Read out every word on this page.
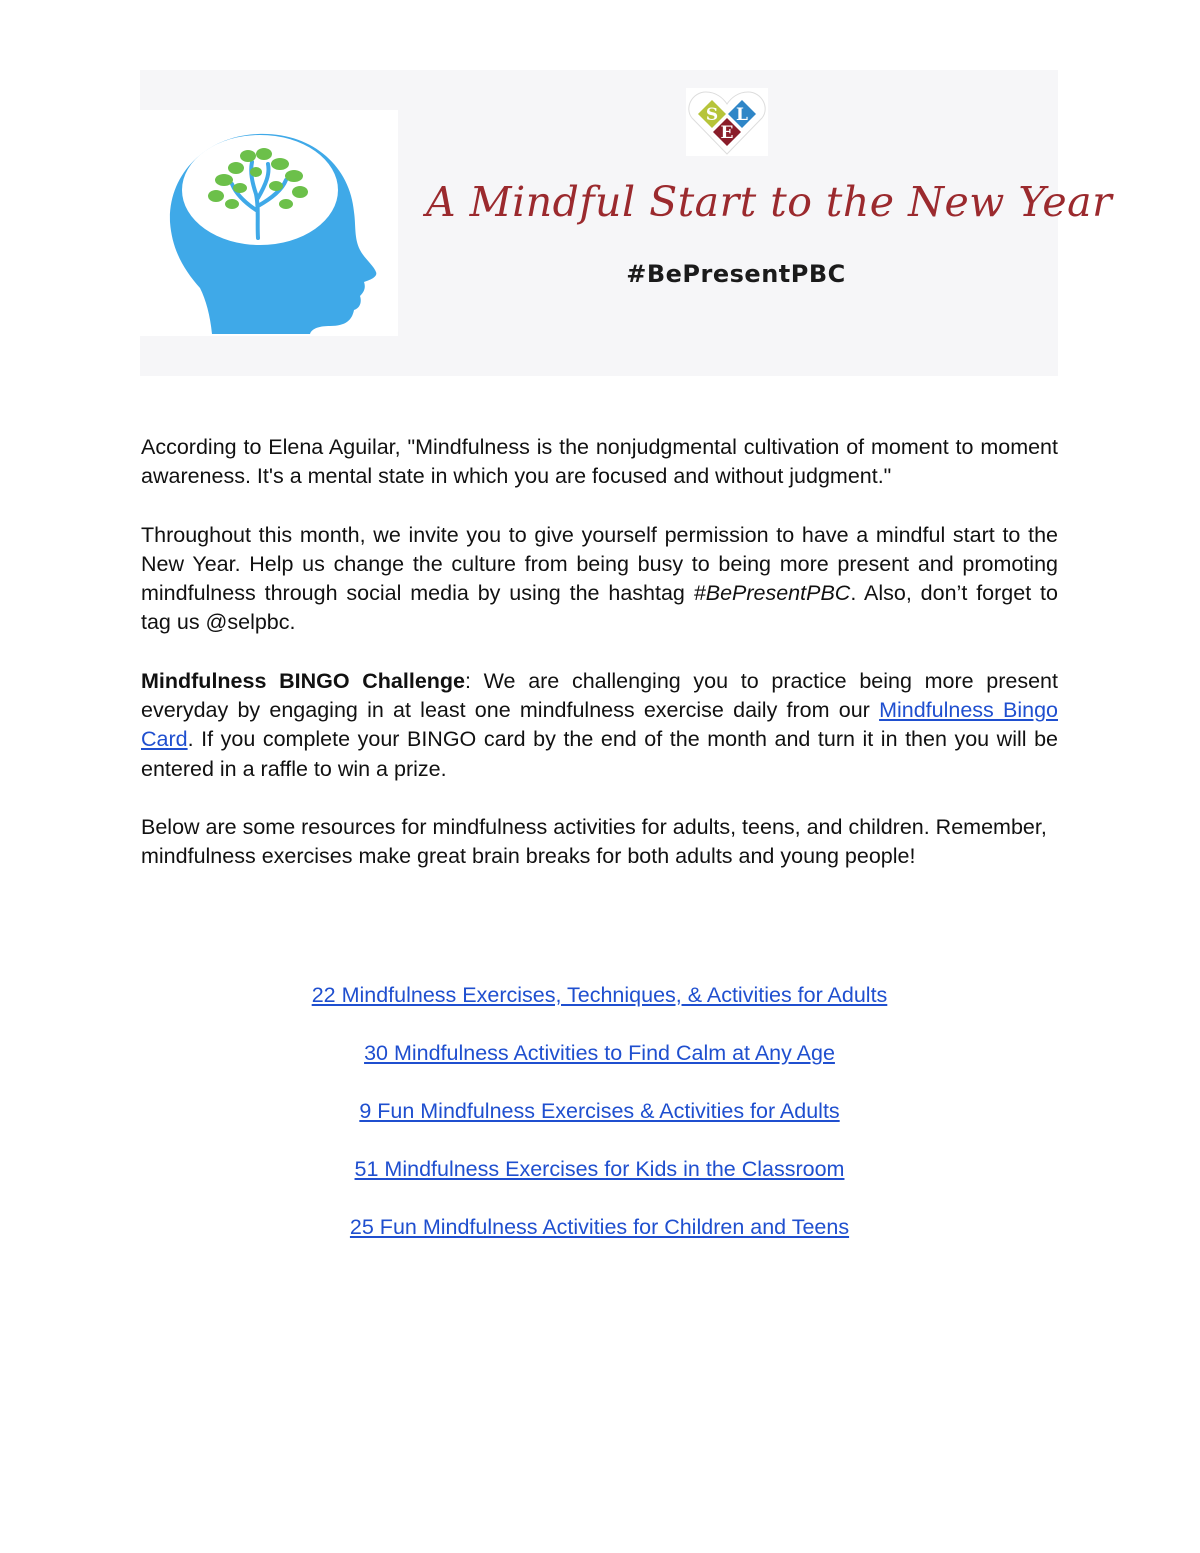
S L
E
A Mindful Start to the New Year
#BePresentPBC

According to Elena Aguilar, "Mindfulness is the nonjudgmental cultivation of moment to moment awareness. It's a mental state in which you are focused and without judgment."

Throughout this month, we invite you to give yourself permission to have a mindful start to the New Year. Help us change the culture from being busy to being more present and promoting mindfulness through social media by using the hashtag #BePresentPBC. Also, don’t forget to tag us @selpbc.

Mindfulness BINGO Challenge: We are challenging you to practice being more present everyday by engaging in at least one mindfulness exercise daily from our Mindfulness Bingo Card. If you complete your BINGO card by the end of the month and turn it in then you will be entered in a raffle to win a prize.

Below are some resources for mindfulness activities for adults, teens, and children. Remember, mindfulness exercises make great brain breaks for both adults and young people!

22 Mindfulness Exercises, Techniques, & Activities for Adults
30 Mindfulness Activities to Find Calm at Any Age
9 Fun Mindfulness Exercises & Activities for Adults
51 Mindfulness Exercises for Kids in the Classroom
25 Fun Mindfulness Activities for Children and Teens
